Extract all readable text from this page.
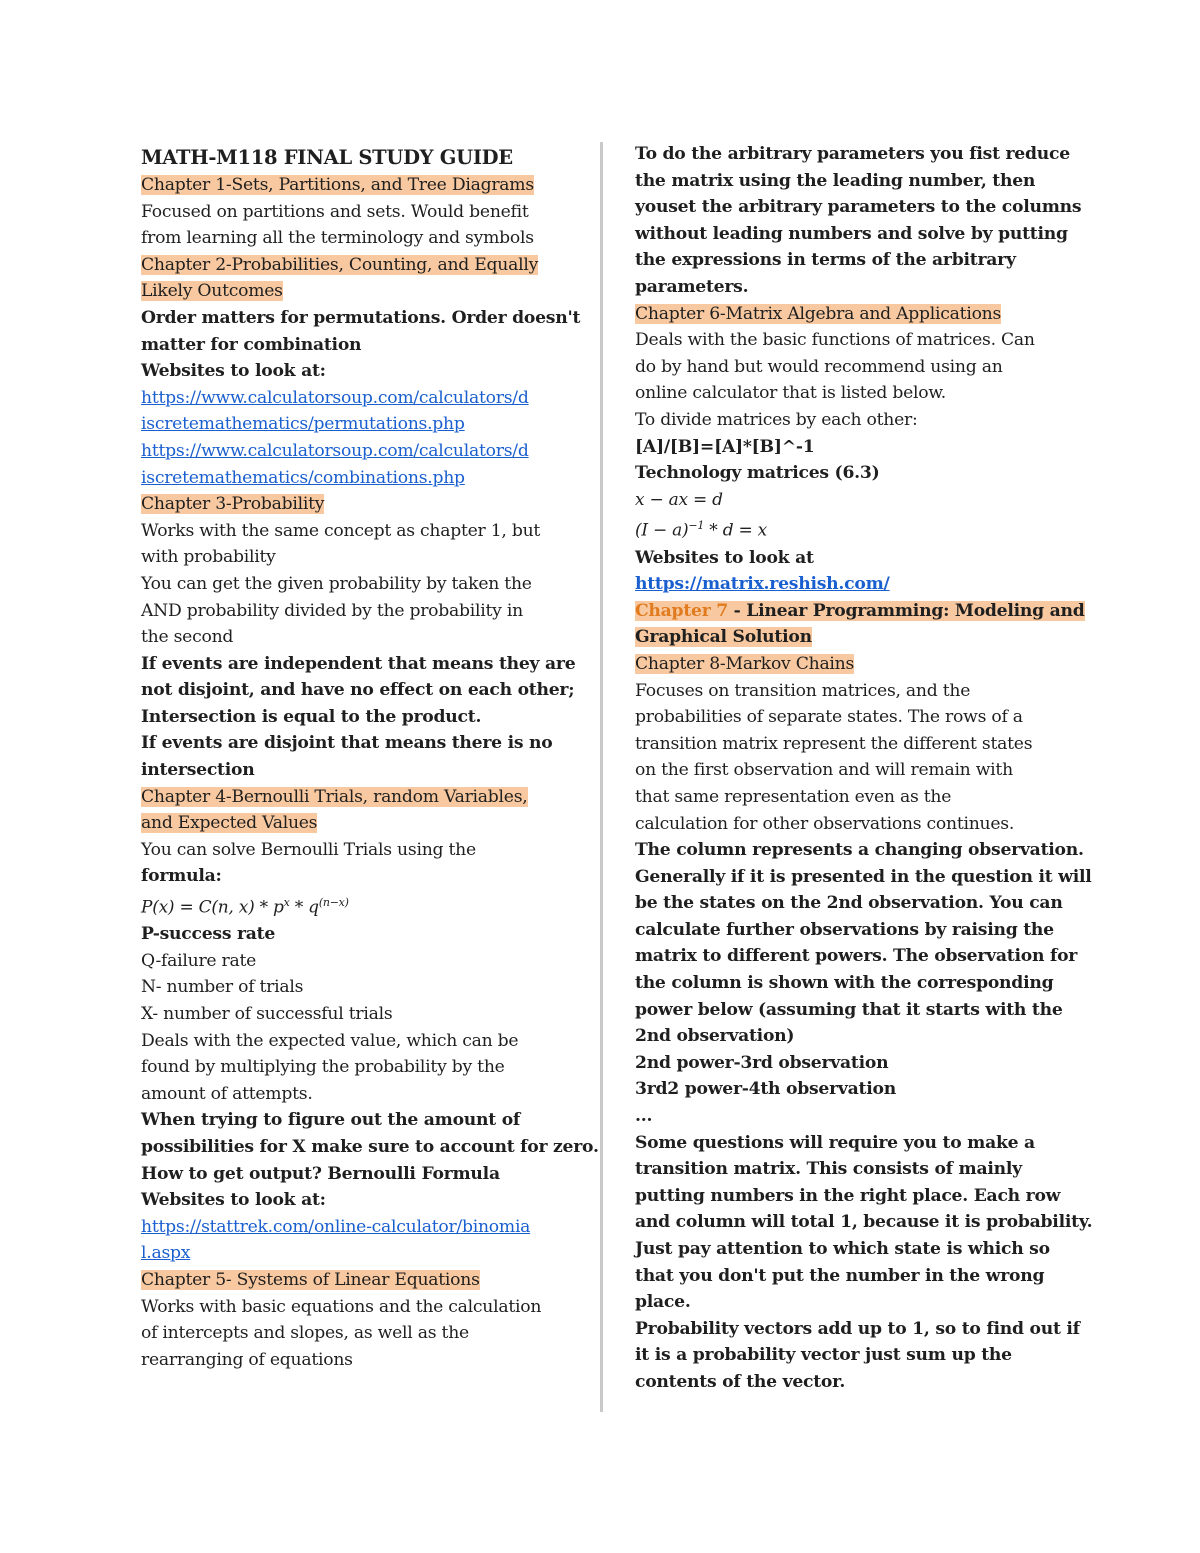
MATH-M118 FINAL STUDY GUIDE
Chapter 1-Sets, Partitions, and Tree Diagrams
Focused on partitions and sets. Would benefit
from learning all the terminology and symbols
Chapter 2-Probabilities, Counting, and Equally
Likely Outcomes
Order matters for permutations. Order doesn't
matter for combination
Websites to look at:
https://www.calculatorsoup.com/calculators/d
iscretemathematics/permutations.php
https://www.calculatorsoup.com/calculators/d
iscretemathematics/combinations.php
Chapter 3-Probability
Works with the same concept as chapter 1, but
with probability
You can get the given probability by taken the
AND probability divided by the probability in
the second
If events are independent that means they are
not disjoint, and have no effect on each other;
Intersection is equal to the product.
If events are disjoint that means there is no
intersection
Chapter 4-Bernoulli Trials, random Variables,
and Expected Values
You can solve Bernoulli Trials using the
formula:
P(x) = C(n, $x) * p^x * q^{(n-x)}$
P-success rate
Q-failure rate
N- number of trials
X- number of successful trials
Deals with the expected value, which can be
found by multiplying the probability by the
amount of attempts.
When trying to figure out the amount of
possibilities for X make sure to account for zero.
How to get output? Bernoulli Formula
Websites to look at:
https://stattrek.com/online-calculator/binomia
l.aspx
Chapter 5- Systems of Linear Equations
Works with basic equations and the calculation
of intercepts and slopes, as well as the
rearranging of equations
To do the arbitrary parameters you fist reduce
the matrix using the leading number, then
youset the arbitrary parameters to the columns
without leading numbers and solve by putting
the expressions in terms of the arbitrary
parameters.
Chapter 6-Matrix Algebra and Applications
Deals with the basic functions of matrices. Can
do by hand but would recommend using an
online calculator that is listed below.
To divide matrices by each other:
[A]/[B]=[A]*[B]^-1
Technology matrices (6.3)
x − ax = d
$(I - a)^{-1} * d = x$
Websites to look at
https://matrix.reshish.com/
Chapter 7 - Linear Programming: Modeling and
Graphical Solution
Chapter 8-Markov Chains
Focuses on transition matrices, and the
probabilities of separate states. The rows of a
transition matrix represent the different states
on the first observation and will remain with
that same representation even as the
calculation for other observations continues.
The column represents a changing observation.
Generally if it is presented in the question it will
be the states on the 2nd observation. You can
calculate further observations by raising the
matrix to different powers. The observation for
the column is shown with the corresponding
power below (assuming that it starts with the
2nd observation)
2nd power-3rd observation
3rd2 power-4th observation
...
Some questions will require you to make a
transition matrix. This consists of mainly
putting numbers in the right place. Each row
and column will total 1, because it is probability.
Just pay attention to which state is which so
that you don't put the number in the wrong
place.
Probability vectors add up to 1, so to find out if
it is a probability vector just sum up the
contents of the vector.
